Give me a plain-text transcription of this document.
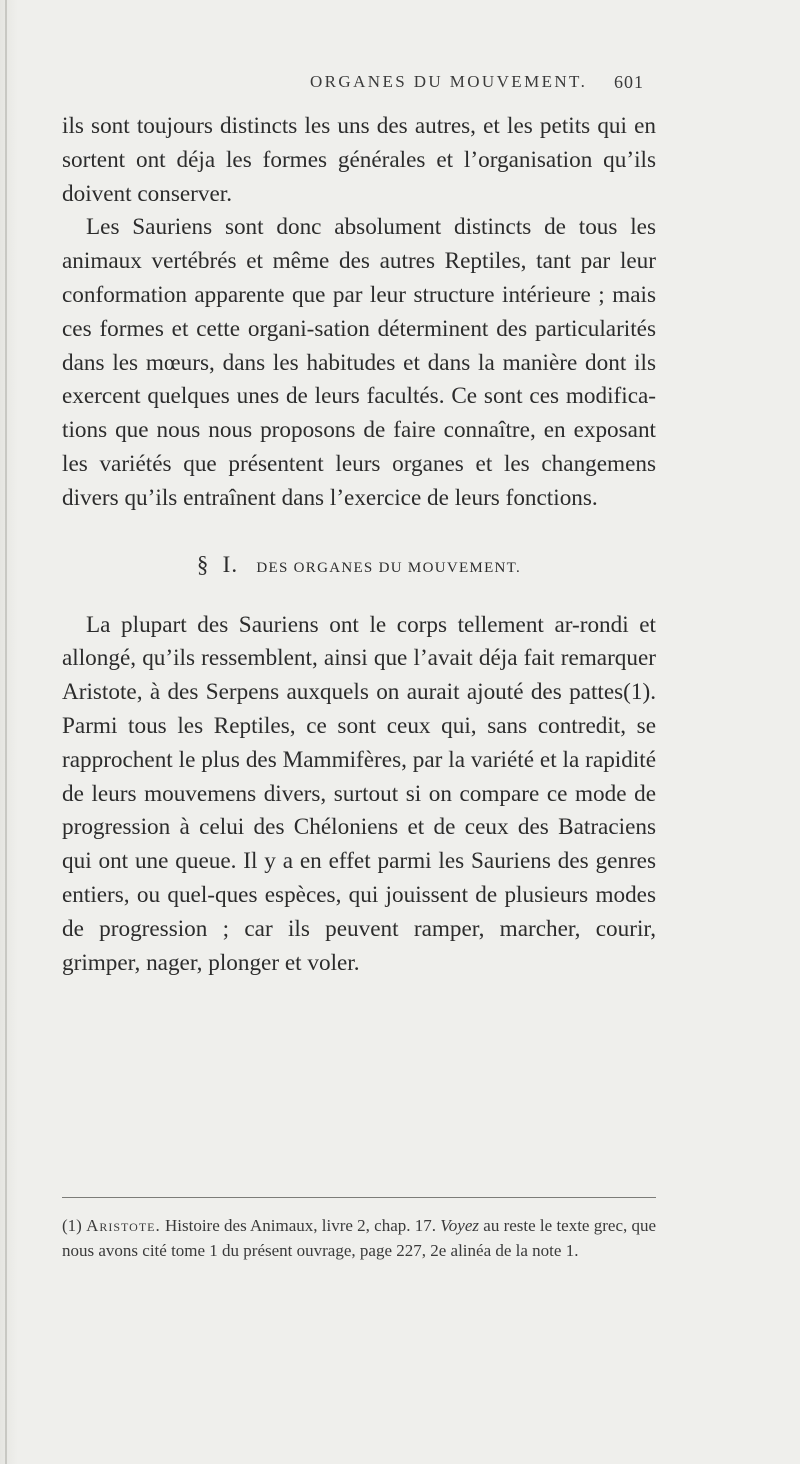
ORGANES DU MOUVEMENT. 601

ils sont toujours distincts les uns des autres, et les petits qui en sortent ont déja les formes générales et l’organisation qu’ils doivent conserver.

Les Sauriens sont donc absolument distincts de tous les animaux vertébrés et même des autres Reptiles, tant par leur conformation apparente que par leur structure intérieure ; mais ces formes et cette organi-sation déterminent des particularités dans les mœurs, dans les habitudes et dans la manière dont ils exercent quelques unes de leurs facultés. Ce sont ces modifica-tions que nous nous proposons de faire connaître, en exposant les variétés que présentent leurs organes et les changemens divers qu’ils entraînent dans l’exercice de leurs fonctions.

§ I. DES ORGANES DU MOUVEMENT.

La plupart des Sauriens ont le corps tellement ar-rondi et allongé, qu’ils ressemblent, ainsi que l’avait déja fait remarquer Aristote, à des Serpens auxquels on aurait ajouté des pattes(1). Parmi tous les Reptiles, ce sont ceux qui, sans contredit, se rapprochent le plus des Mammifères, par la variété et la rapidité de leurs mouvemens divers, surtout si on compare ce mode de progression à celui des Chéloniens et de ceux des Batraciens qui ont une queue. Il y a en effet parmi les Sauriens des genres entiers, ou quel-ques espèces, qui jouissent de plusieurs modes de progression ; car ils peuvent ramper, marcher, courir, grimper, nager, plonger et voler.

(1) Aristote. Histoire des Animaux, livre 2, chap. 17. Voyez au reste le texte grec, que nous avons cité tome 1 du présent ouvrage, page 227, 2e alinéa de la note 1.
